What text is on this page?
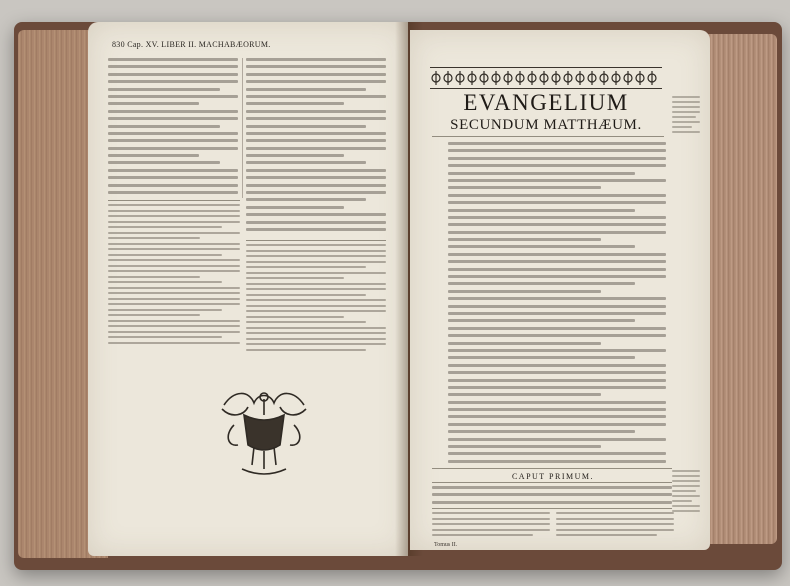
830 Cap. XV. LIBER II. MACHABÆORUM.
EVANGELIUM
SECUNDUM MATTHÆUM.
CAPUT PRIMUM.
Tomus II.
